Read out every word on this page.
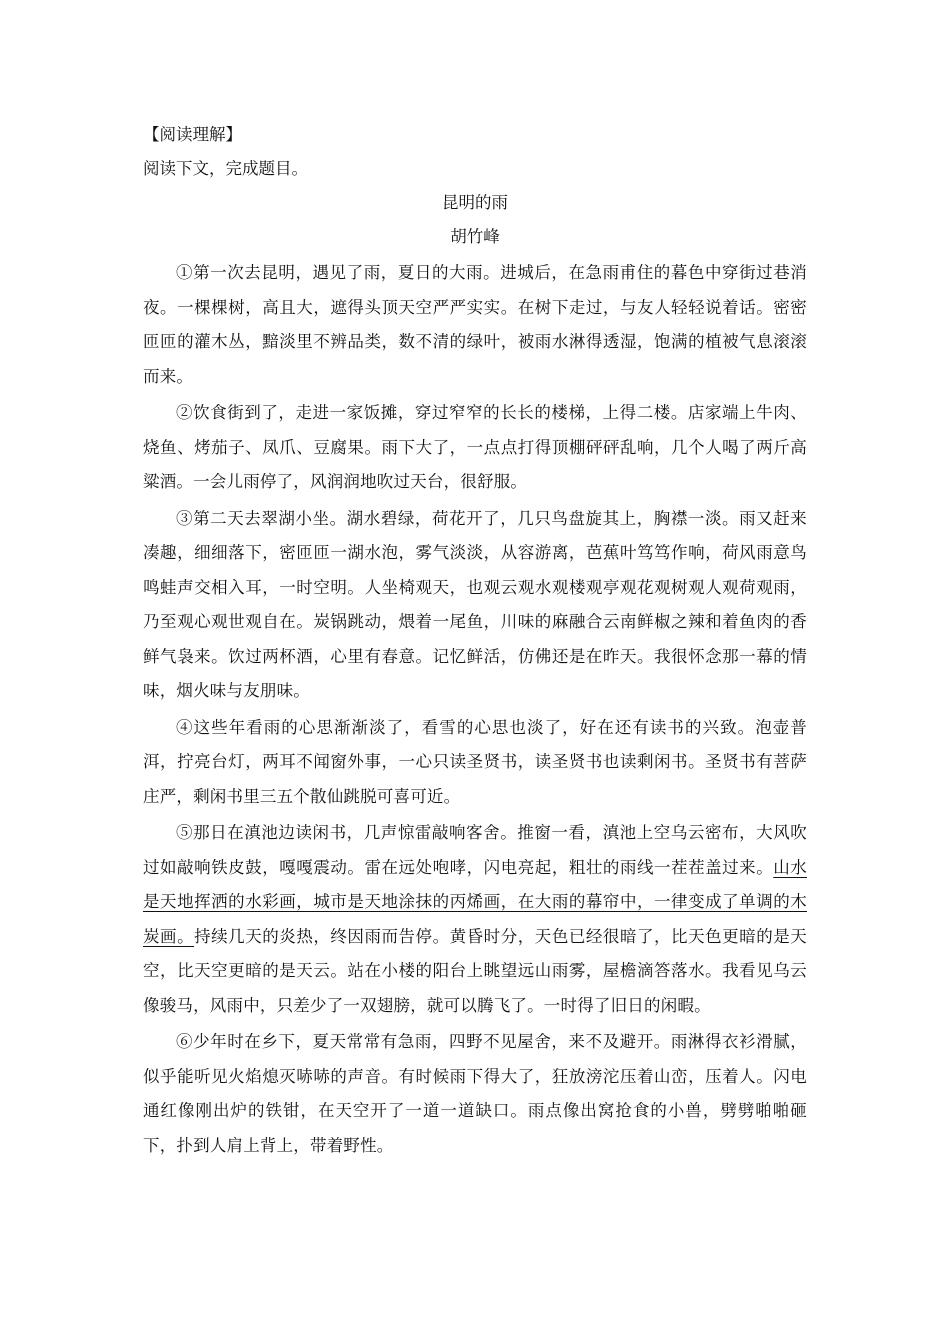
【阅读理解】

阅读下文，完成题目。

昆明的雨

胡竹峰

①第一次去昆明，遇见了雨，夏日的大雨。进城后，在急雨甫住的暮色中穿街过巷消夜。一棵棵树，高且大，遮得头顶天空严严实实。在树下走过，与友人轻轻说着话。密密匝匝的灌木丛，黯淡里不辨品类，数不清的绿叶，被雨水淋得透湿，饱满的植被气息滚滚而来。

②饮食街到了，走进一家饭摊，穿过窄窄的长长的楼梯，上得二楼。店家端上牛肉、烧鱼、烤茄子、凤爪、豆腐果。雨下大了，一点点打得顶棚砰砰乱响，几个人喝了两斤高粱酒。一会儿雨停了，风润润地吹过天台，很舒服。

③第二天去翠湖小坐。湖水碧绿，荷花开了，几只鸟盘旋其上，胸襟一淡。雨又赶来凑趣，细细落下，密匝匝一湖水泡，雾气淡淡，从容游离，芭蕉叶笃笃作响，荷风雨意鸟鸣蛙声交相入耳，一时空明。人坐椅观天，也观云观水观楼观亭观花观树观人观荷观雨，乃至观心观世观自在。炭锅跳动，煨着一尾鱼，川味的麻融合云南鲜椒之辣和着鱼肉的香鲜气袅来。饮过两杯酒，心里有春意。记忆鲜活，仿佛还是在昨天。我很怀念那一幕的情味，烟火味与友朋味。

④这些年看雨的心思渐渐淡了，看雪的心思也淡了，好在还有读书的兴致。泡壶普洱，拧亮台灯，两耳不闻窗外事，一心只读圣贤书，读圣贤书也读剩闲书。圣贤书有菩萨庄严，剩闲书里三五个散仙跳脱可喜可近。

⑤那日在滇池边读闲书，几声惊雷敲响客舍。推窗一看，滇池上空乌云密布，大风吹过如敲响铁皮鼓，嘎嘎震动。雷在远处咆哮，闪电亮起，粗壮的雨线一茬茬盖过来。山水是天地挥洒的水彩画，城市是天地涂抹的丙烯画，在大雨的幕帘中，一律变成了单调的木炭画。持续几天的炎热，终因雨而告停。黄昏时分，天色已经很暗了，比天色更暗的是天空，比天空更暗的是天云。站在小楼的阳台上眺望远山雨雾，屋檐滴答落水。我看见乌云像骏马，风雨中，只差少了一双翅膀，就可以腾飞了。一时得了旧日的闲暇。

⑥少年时在乡下，夏天常常有急雨，四野不见屋舍，来不及避开。雨淋得衣衫滑腻，似乎能听见火焰熄灭哧哧的声音。有时候雨下得大了，狂放滂沱压着山峦，压着人。闪电通红像刚出炉的铁钳，在天空开了一道一道缺口。雨点像出窝抢食的小兽，劈劈啪啪砸下，扑到人肩上背上，带着野性。
